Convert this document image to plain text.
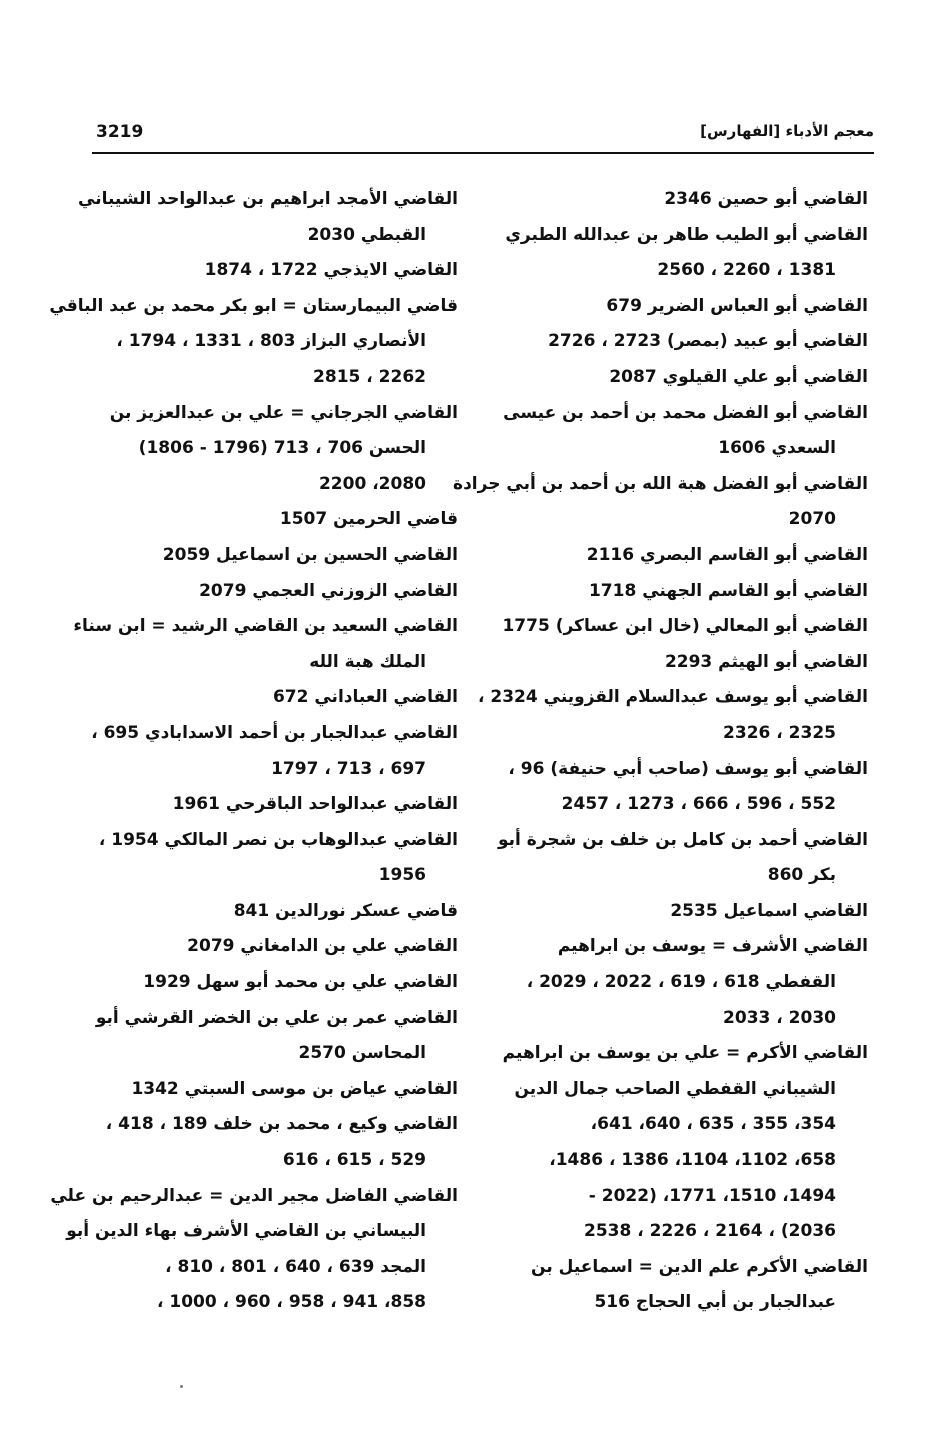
معجم الأدباء [الفهارس]
3219
القاضي أبو حصين 2346
القاضي أبو الطيب طاهر بن عبدالله الطبري
1381 ، 2260 ، 2560
القاضي أبو العباس الضرير 679
القاضي أبو عبيد (بمصر) 2723 ، 2726
القاضي أبو علي القيلوي 2087
القاضي أبو الفضل محمد بن أحمد بن عيسى
السعدي 1606
القاضي أبو الفضل هبة الله بن أحمد بن أبي جرادة
2070
القاضي أبو القاسم البصري 2116
القاضي أبو القاسم الجهني 1718
القاضي أبو المعالي (خال ابن عساكر) 1775
القاضي أبو الهيثم 2293
القاضي أبو يوسف عبدالسلام القزويني 2324 ،
2325 ، 2326
القاضي أبو يوسف (صاحب أبي حنيفة) 96 ،
552 ، 596 ، 666 ، 1273 ، 2457
القاضي أحمد بن كامل بن خلف بن شجرة أبو
بكر 860
القاضي اسماعيل 2535
القاضي الأشرف = يوسف بن ابراهيم
القفطي 618 ، 619 ، 2022 ، 2029 ،
2030 ، 2033
القاضي الأكرم = علي بن يوسف بن ابراهيم
الشيباني القفطي الصاحب جمال الدين
354، 355 ، 635 ، 640، 641،
658، 1102، 1104، 1386 ، 1486،
1494، 1510، 1771، (2022 -
2036) ، 2164 ، 2226 ، 2538
القاضي الأكرم علم الدين = اسماعيل بن
عبدالجبار بن أبي الحجاج 516
القاضي الأمجد ابراهيم بن عبدالواحد الشيباني
القبطي 2030
القاضي الايذجي 1722 ، 1874
قاضي البيمارستان = ابو بكر محمد بن عبد الباقي
الأنصاري البزاز 803 ، 1331 ، 1794 ،
2262 ، 2815
القاضي الجرجاني = علي بن عبدالعزيز بن
الحسن 706 ، 713 (1796 - 1806)
2080، 2200
قاضي الحرمين 1507
القاضي الحسين بن اسماعيل 2059
القاضي الزوزني العجمي 2079
القاضي السعيد بن القاضي الرشيد = ابن سناء
الملك هبة الله
القاضي العباداني 672
القاضي عبدالجبار بن أحمد الاسدابادي 695 ،
697 ، 713 ، 1797
القاضي عبدالواحد الباقرحي 1961
القاضي عبدالوهاب بن نصر المالكي 1954 ،
1956
قاضي عسكر نورالدين 841
القاضي علي بن الدامغاني 2079
القاضي علي بن محمد أبو سهل 1929
القاضي عمر بن علي بن الخضر القرشي أبو
المحاسن 2570
القاضي عياض بن موسى السبتي 1342
القاضي وكيع ، محمد بن خلف 189 ، 418 ،
529 ، 615 ، 616
القاضي الفاضل مجير الدين = عبدالرحيم بن علي
البيساني بن القاضي الأشرف بهاء الدين أبو
المجد 639 ، 640 ، 801 ، 810 ،
858، 941 ، 958 ، 960 ، 1000 ،
